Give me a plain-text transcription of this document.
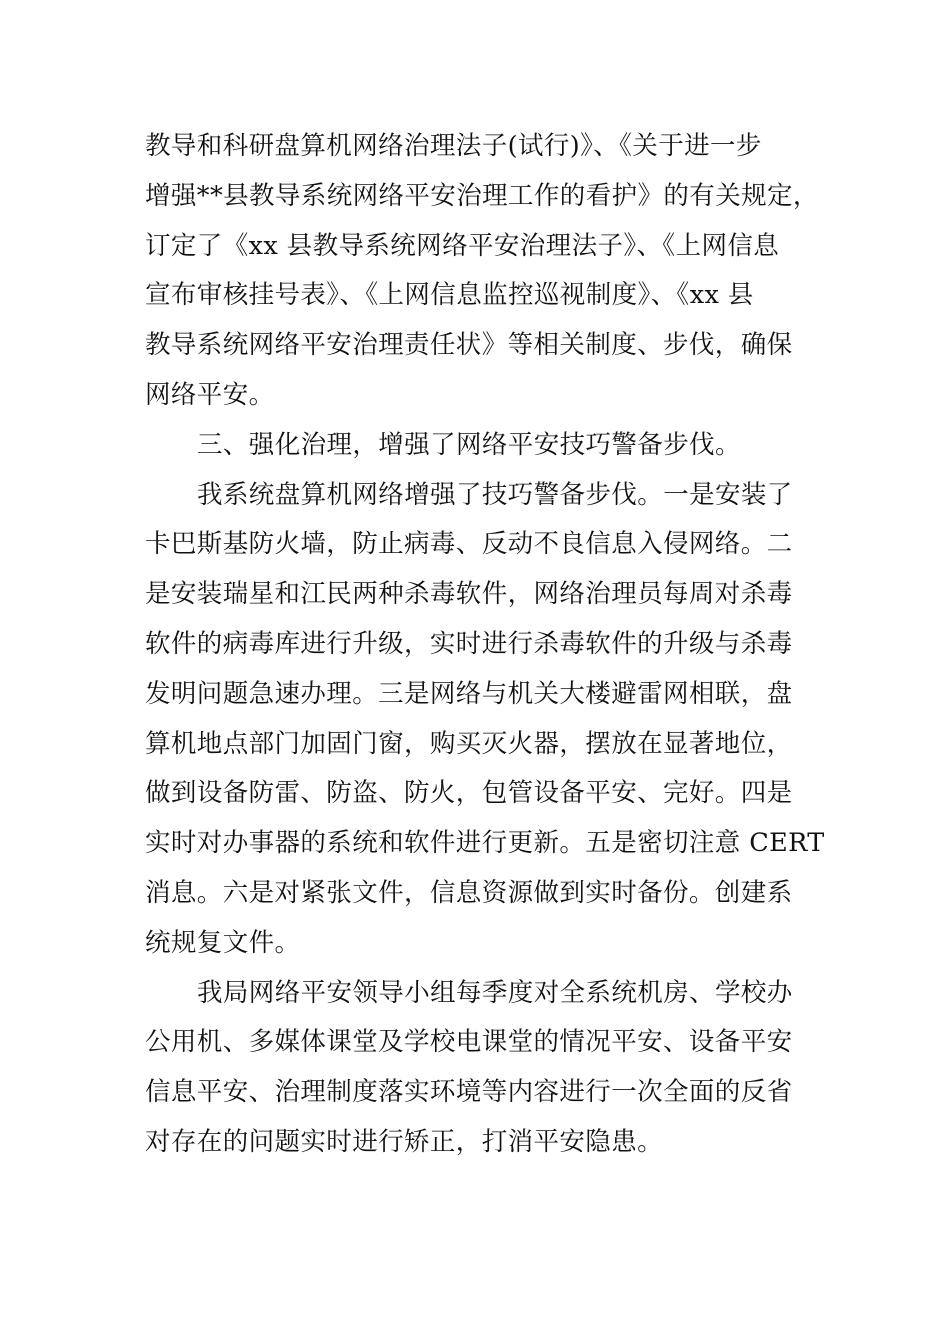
教导和科研盘算机网络治理法子(试行)》、《关于进一步
增强**县教导系统网络平安治理工作的看护》的有关规定，
订定了《xx 县教导系统网络平安治理法子》、《上网信息
宣布审核挂号表》、《上网信息监控巡视制度》、《xx 县
教导系统网络平安治理责任状》等相关制度、步伐，确保
网络平安。
三、强化治理，增强了网络平安技巧警备步伐。
我系统盘算机网络增强了技巧警备步伐。一是安装了
卡巴斯基防火墙，防止病毒、反动不良信息入侵网络。二
是安装瑞星和江民两种杀毒软件，网络治理员每周对杀毒
软件的病毒库进行升级，实时进行杀毒软件的升级与杀毒
发明问题急速办理。三是网络与机关大楼避雷网相联，盘
算机地点部门加固门窗，购买灭火器，摆放在显著地位，
做到设备防雷、防盗、防火，包管设备平安、完好。四是
实时对办事器的系统和软件进行更新。五是密切注意 CERT
消息。六是对紧张文件，信息资源做到实时备份。创建系
统规复文件。
我局网络平安领导小组每季度对全系统机房、学校办
公用机、多媒体课堂及学校电课堂的情况平安、设备平安
信息平安、治理制度落实环境等内容进行一次全面的反省
对存在的问题实时进行矫正，打消平安隐患。
